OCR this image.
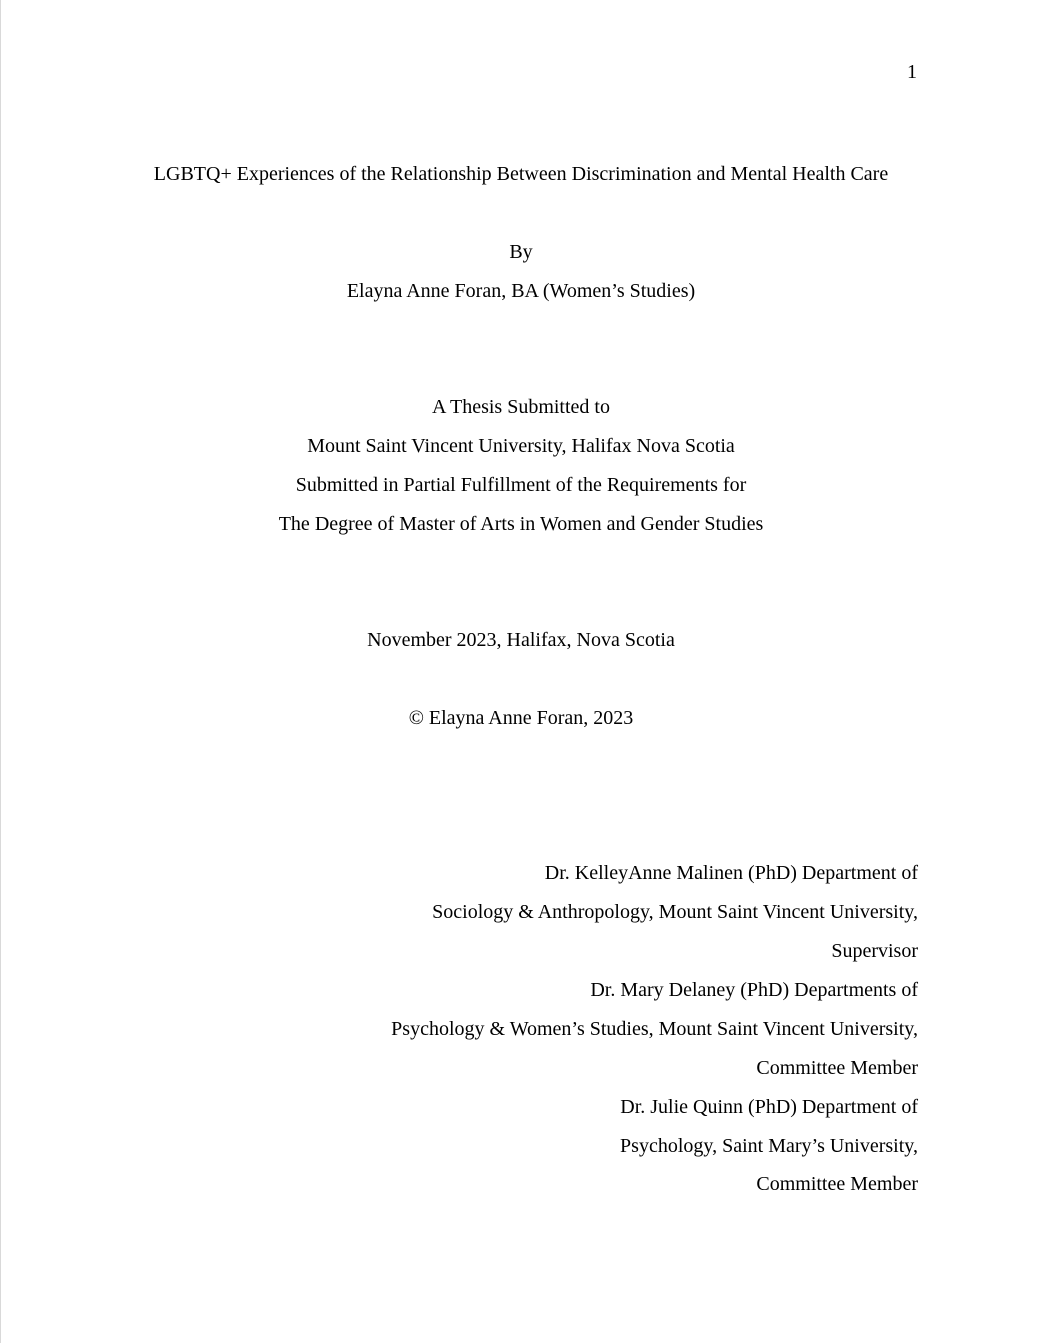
1
LGBTQ+ Experiences of the Relationship Between Discrimination and Mental Health Care
By
Elayna Anne Foran, BA (Women’s Studies)
A Thesis Submitted to
Mount Saint Vincent University, Halifax Nova Scotia
Submitted in Partial Fulfillment of the Requirements for
The Degree of Master of Arts in Women and Gender Studies
November 2023, Halifax, Nova Scotia
© Elayna Anne Foran, 2023
Dr. KelleyAnne Malinen (PhD) Department of
Sociology & Anthropology, Mount Saint Vincent University,
Supervisor
Dr. Mary Delaney (PhD) Departments of
Psychology & Women’s Studies, Mount Saint Vincent University,
Committee Member
Dr. Julie Quinn (PhD) Department of
Psychology, Saint Mary’s University,
Committee Member
